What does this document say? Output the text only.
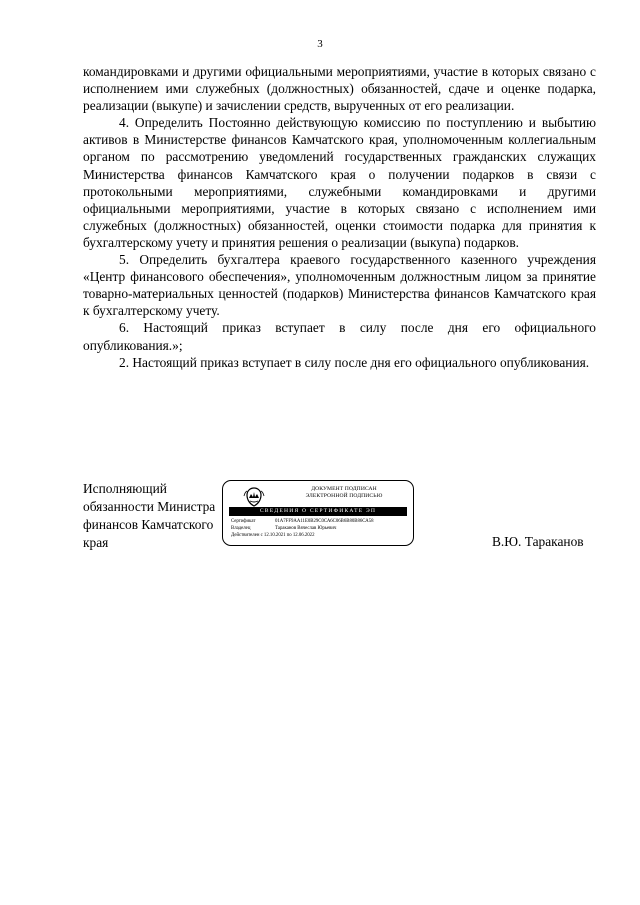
3

командировками и другими официальными мероприятиями, участие в которых связано с исполнением ими служебных (должностных) обязанностей, сдаче и оценке подарка, реализации (выкупе) и зачислении средств, вырученных от его реализации.

4. Определить Постоянно действующую комиссию по поступлению и выбытию активов в Министерстве финансов Камчатского края, уполномоченным коллегиальным органом по рассмотрению уведомлений государственных гражданских служащих Министерства финансов Камчатского края о получении подарков в связи с протокольными мероприятиями, служебными командировками и другими официальными мероприятиями, участие в которых связано с исполнением ими служебных (должностных) обязанностей, оценки стоимости подарка для принятия к бухгалтерскому учету и принятия решения о реализации (выкупа) подарков.

5. Определить бухгалтера краевого государственного казенного учреждения «Центр финансового обеспечения», уполномоченным должностным лицом за принятие товарно-материальных ценностей (подарков) Министерства финансов Камчатского края к бухгалтерскому учету.

6. Настоящий приказ вступает в силу после дня его официального опубликования.»;

2. Настоящий приказ вступает в силу после дня его официального опубликования.

Исполняющий
обязанности Министра
финансов Камчатского
края
ДОКУМЕНТ ПОДПИСАН
ЭЛЕКТРОННОЙ ПОДПИСЬЮ
СВЕДЕНИЯ О СЕРТИФИКАТЕ ЭП
Сертификат	01A7FF9AA11Е0В29С0СА6С06В6В80В86СА58
Владелец	Тараканов Вячеслав Юрьевич
Действителен с 12.10.2021 по 12.06.2022	В.Ю. Тараканов
